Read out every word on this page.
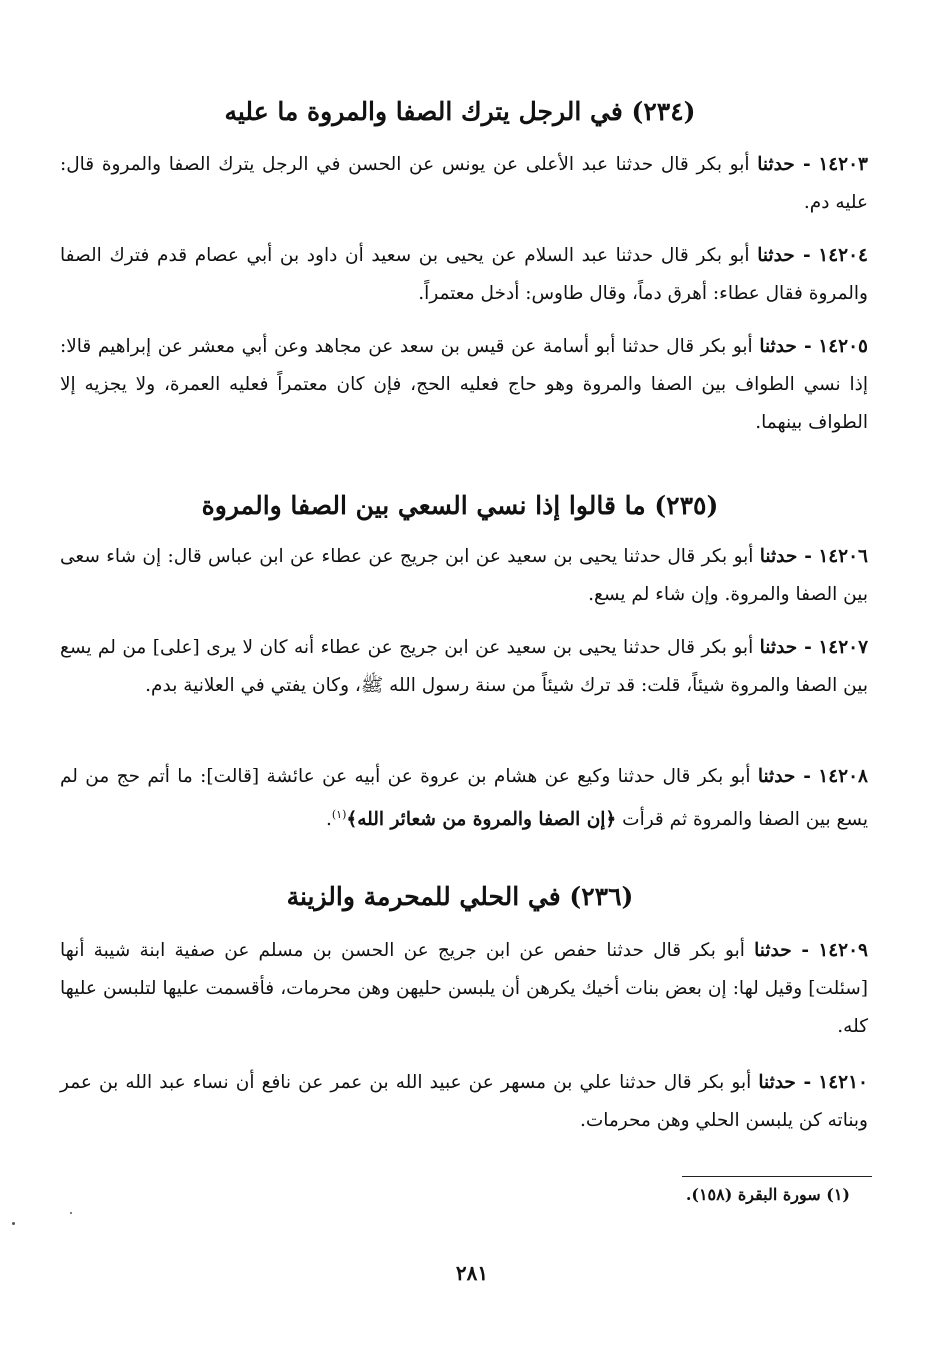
(٢٣٤) في الرجل يترك الصفا والمروة ما عليه
١٤٢٠٣ - حدثنا أبو بكر قال حدثنا عبد الأعلى عن يونس عن الحسن في الرجل يترك الصفا والمروة قال: عليه دم.
١٤٢٠٤ - حدثنا أبو بكر قال حدثنا عبد السلام عن يحيى بن سعيد أن داود بن أبي عصام قدم فترك الصفا والمروة فقال عطاء: أهرق دماً، وقال طاوس: أدخل معتمراً.
١٤٢٠٥ - حدثنا أبو بكر قال حدثنا أبو أسامة عن قيس بن سعد عن مجاهد وعن أبي معشر عن إبراهيم قالا: إذا نسي الطواف بين الصفا والمروة وهو حاج فعليه الحج، فإن كان معتمراً فعليه العمرة، ولا يجزيه إلا الطواف بينهما.
(٢٣٥) ما قالوا إذا نسي السعي بين الصفا والمروة
١٤٢٠٦ - حدثنا أبو بكر قال حدثنا يحيى بن سعيد عن ابن جريج عن عطاء عن ابن عباس قال: إن شاء سعى بين الصفا والمروة. وإن شاء لم يسع.
١٤٢٠٧ - حدثنا أبو بكر قال حدثنا يحيى بن سعيد عن ابن جريج عن عطاء أنه كان لا يرى [على] من لم يسع بين الصفا والمروة شيئاً، قلت: قد ترك شيئاً من سنة رسول الله ﷺ، وكان يفتي في العلانية بدم.
١٤٢٠٨ - حدثنا أبو بكر قال حدثنا وكيع عن هشام بن عروة عن أبيه عن عائشة [قالت]: ما أتم حج من لم يسع بين الصفا والمروة ثم قرأت ﴿إن الصفا والمروة من شعائر الله﴾$^{(١)}$.
(٢٣٦) في الحلي للمحرمة والزينة
١٤٢٠٩ - حدثنا أبو بكر قال حدثنا حفص عن ابن جريج عن الحسن بن مسلم عن صفية ابنة شيبة أنها [سئلت] وقيل لها: إن بعض بنات أخيك يكرهن أن يلبسن حليهن وهن محرمات، فأقسمت عليها لتلبسن عليها كله.
١٤٢١٠ - حدثنا أبو بكر قال حدثنا علي بن مسهر عن عبيد الله بن عمر عن نافع أن نساء عبد الله بن عمر وبناته كن يلبسن الحلي وهن محرمات.
(١) سورة البقرة (١٥٨).
٢٨١
